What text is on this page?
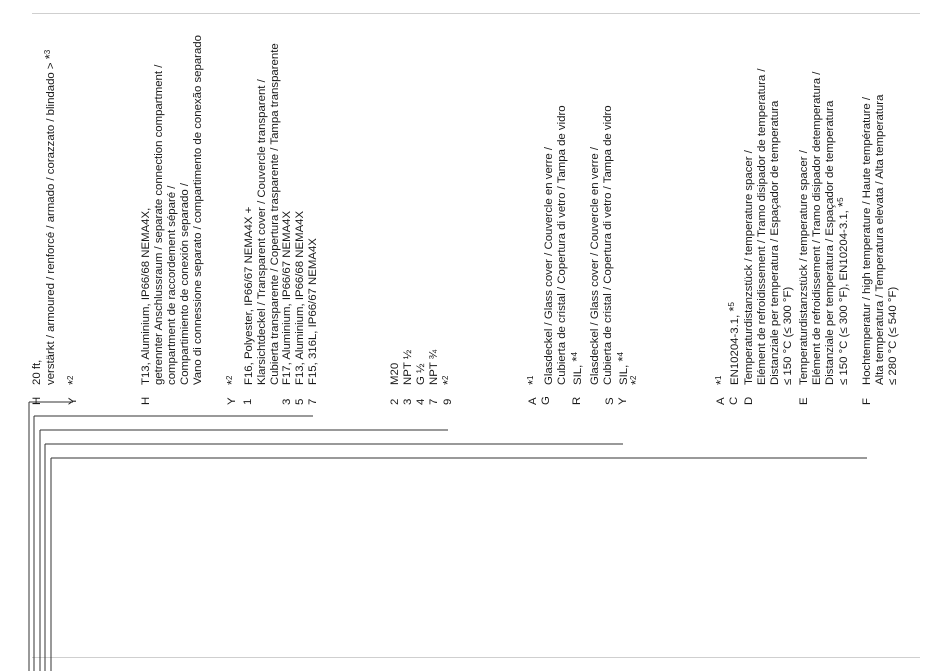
H
20 ft, verstärkt / armoured / renforcé / armado / corazzato / blindado > *$^3$
Y
*$^2$
H
T13, Aluminium, IP66/68 NEMA4X, getrennter Anschlussraum / separate connection compartment / compartment de raccordement séparé / Compartimiento de conexión separado / Vano di connessione separato / compartimento de conexão separado
Y
*$^2$
1
F16, Polyester, IP66/67 NEMA4X + Klarsichtdeckel / Transparent cover / Couvercle transparent / Cubierta transparente / Copertura trasparente / Tampa transparente
3
F17, Aluminium, IP66/67 NEMA4X
5
F13, Aluminium, IP66/68 NEMA4X
7
F15, 316L, IP66/67 NEMA4X
2
M20
3
NPT ½
4
G ½
7
NPT ¾
9
*$^2$
A
*$^1$
G
Glasdeckel / Glass cover / Couvercle en verre / Cubierta de cristal / Copertura di vetro / Tampa de vidro
R
SIL, *$^4$ Glasdeckel / Glass cover / Couvercle en verre / Cubierta de cristal / Copertura di vetro / Tampa de vidro
S
SIL, *$^4$
Y
*$^2$
A
*$^1$
C
EN10204-3.1, *$^5$
D
Temperaturdistanzstück / temperature spacer / Elément de refroidissement / Tramo disipador de temperatura / Distanziale per temperatura / Espaçador de temperatura ≤ 150 °C (≤ 300 °F)
E
Temperaturdistanzstück / temperature spacer / Elément de refroidissement / Tramo disipador detemperatura / Distanziale per temperatura / Espaçador de temperatura ≤ 150 °C (≤ 300 °F), EN10204-3.1, *$^5$
F
Hochtemperatur / high temperature / Haute température / Alta temperatura / Temperatura elevata / Alta temperatura ≤ 280 °C (≤ 540 °F)
